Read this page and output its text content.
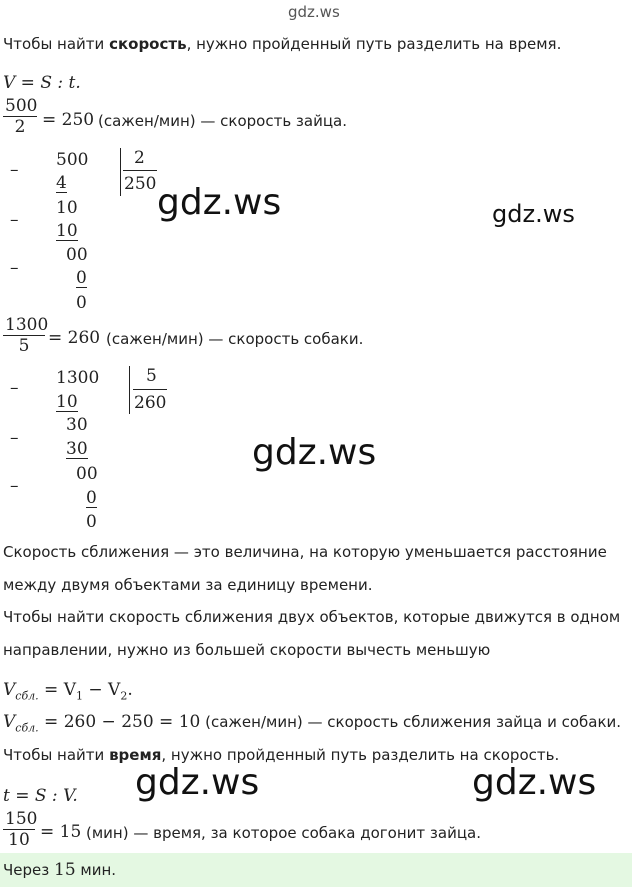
gdz.ws
Чтобы найти скорость, нужно пройденный путь разделить на время.
V = S : t.
$\frac{500}{2} = 250$ (сажен/мин) — скорость зайца.
– 500	2
250
4
–
10
10
–
00
0
0
$\frac{1300}{5} = 260$ (сажен/мин) — скорость собаки.
– 1300	5
260
10
–
30
30
–
00
0
0
Скорость сближения — это величина, на которую уменьшается расстояние
между двумя объектами за единицу времени.
Чтобы найти скорость сближения двух объектов, которые движутся в одном
направлении, нужно из большей скорости вычесть меньшую
$V_{сбл.} = V_1 - V_2$.
$V_{сбл.} = 260 - 250 = 10$ (сажен/мин) — скорость сближения зайца и собаки.
Чтобы найти время, нужно пройденный путь разделить на скорость.
t = S : V.
$\frac{150}{10} = 15$ (мин) — время, за которое собака догонит зайца.
Через 15 мин.
gdz.ws	gdz.ws
gdz.ws
gdz.ws	gdz.ws
